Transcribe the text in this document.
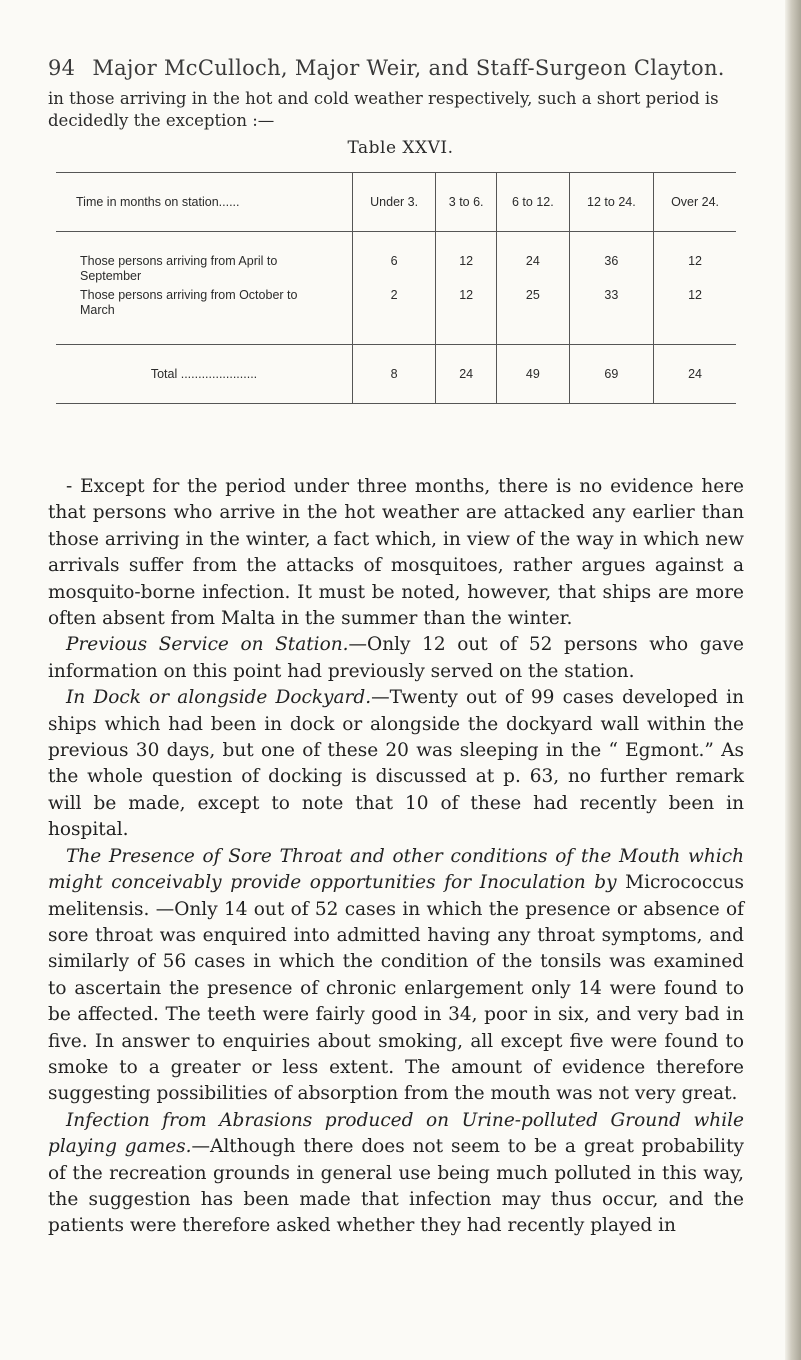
94 Major McCulloch, Major Weir, and Staff-Surgeon Clayton.
in those arriving in the hot and cold weather respectively, such a short period is decidedly the exception :—
Table XXVI.
Time in months on station......	Under 3.	3 to 6.	6 to 12.	12 to 24.	Over 24.
Those persons arriving from April to September	6	12	24	36	12
Those persons arriving from October to March	2	12	25	33	12
Total ......................	8	24	49	69	24

- Except for the period under three months, there is no evidence here that persons who arrive in the hot weather are attacked any earlier than those arriving in the winter, a fact which, in view of the way in which new arrivals suffer from the attacks of mosquitoes, rather argues against a mosquito-borne infection. It must be noted, however, that ships are more often absent from Malta in the summer than the winter.

Previous Service on Station.—Only 12 out of 52 persons who gave information on this point had previously served on the station.

In Dock or alongside Dockyard.—Twenty out of 99 cases developed in ships which had been in dock or alongside the dockyard wall within the previous 30 days, but one of these 20 was sleeping in the “ Egmont.” As the whole question of docking is discussed at p. 63, no further remark will be made, except to note that 10 of these had recently been in hospital.

The Presence of Sore Throat and other conditions of the Mouth which might conceivably provide opportunities for Inoculation by Micrococcus melitensis. —Only 14 out of 52 cases in which the presence or absence of sore throat was enquired into admitted having any throat symptoms, and similarly of 56 cases in which the condition of the tonsils was examined to ascertain the presence of chronic enlargement only 14 were found to be affected. The teeth were fairly good in 34, poor in six, and very bad in five. In answer to enquiries about smoking, all except five were found to smoke to a greater or less extent. The amount of evidence therefore suggesting possibilities of absorption from the mouth was not very great.

Infection from Abrasions produced on Urine-polluted Ground while playing games.—Although there does not seem to be a great probability of the recreation grounds in general use being much polluted in this way, the suggestion has been made that infection may thus occur, and the patients were therefore asked whether they had recently played in
